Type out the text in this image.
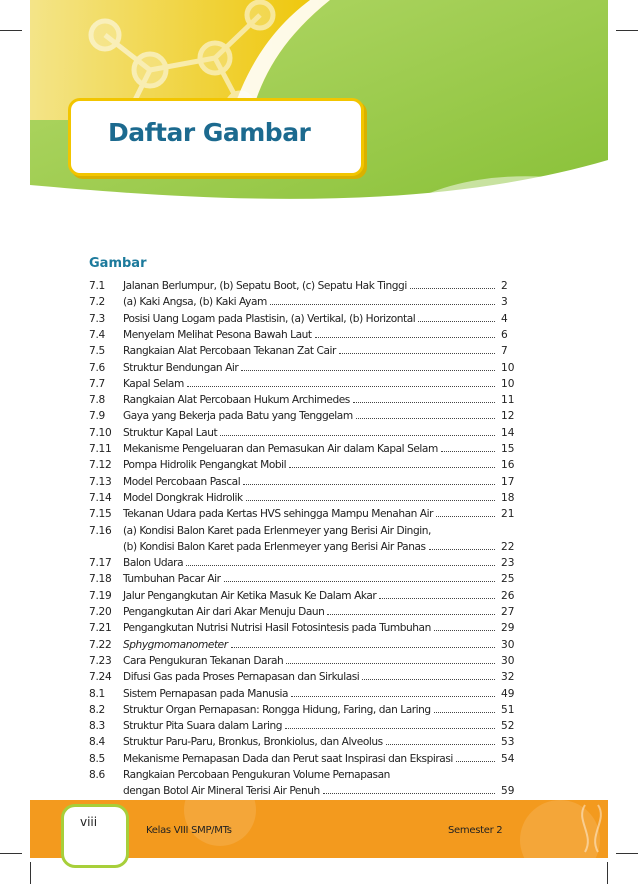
Daftar Gambar
Gambar
7.1	Jalanan Berlumpur, (b) Sepatu Boot, (c) Sepatu Hak Tinggi	2
7.2	(a) Kaki Angsa, (b) Kaki Ayam	3
7.3	Posisi Uang Logam pada Plastisin, (a) Vertikal, (b) Horizontal	4
7.4	Menyelam Melihat Pesona Bawah Laut	6
7.5	Rangkaian Alat Percobaan Tekanan Zat Cair	7
7.6	Struktur Bendungan Air	10
7.7	Kapal Selam	10
7.8	Rangkaian Alat Percobaan Hukum Archimedes	11
7.9	Gaya yang Bekerja pada Batu yang Tenggelam	12
7.10	Struktur Kapal Laut	14
7.11	Mekanisme Pengeluaran dan Pemasukan Air dalam Kapal Selam	15
7.12	Pompa Hidrolik Pengangkat Mobil	16
7.13	Model Percobaan Pascal	17
7.14	Model Dongkrak Hidrolik	18
7.15	Tekanan Udara pada Kertas HVS sehingga Mampu Menahan Air	21
7.16	(a) Kondisi Balon Karet pada Erlenmeyer yang Berisi Air Dingin,
(b) Kondisi Balon Karet pada Erlenmeyer yang Berisi Air Panas	22
7.17	Balon Udara	23
7.18	Tumbuhan Pacar Air	25
7.19	Jalur Pengangkutan Air Ketika Masuk Ke Dalam Akar	26
7.20	Pengangkutan Air dari Akar Menuju Daun	27
7.21	Pengangkutan Nutrisi Nutrisi Hasil Fotosintesis pada Tumbuhan	29
7.22	Sphygmomanometer	30
7.23	Cara Pengukuran Tekanan Darah	30
7.24	Difusi Gas pada Proses Pernapasan dan Sirkulasi	32
8.1	Sistem Pernapasan pada Manusia	49
8.2	Struktur Organ Pernapasan: Rongga Hidung, Faring, dan Laring	51
8.3	Struktur Pita Suara dalam Laring	52
8.4	Struktur Paru-Paru, Bronkus, Bronkiolus, dan Alveolus	53
8.5	Mekanisme Pernapasan Dada dan Perut saat Inspirasi dan Ekspirasi	54
8.6	Rangkaian Percobaan Pengukuran Volume Pernapasan
dengan Botol Air Mineral Terisi Air Penuh	59
viii
Kelas VIII SMP/MTs	Semester 2
